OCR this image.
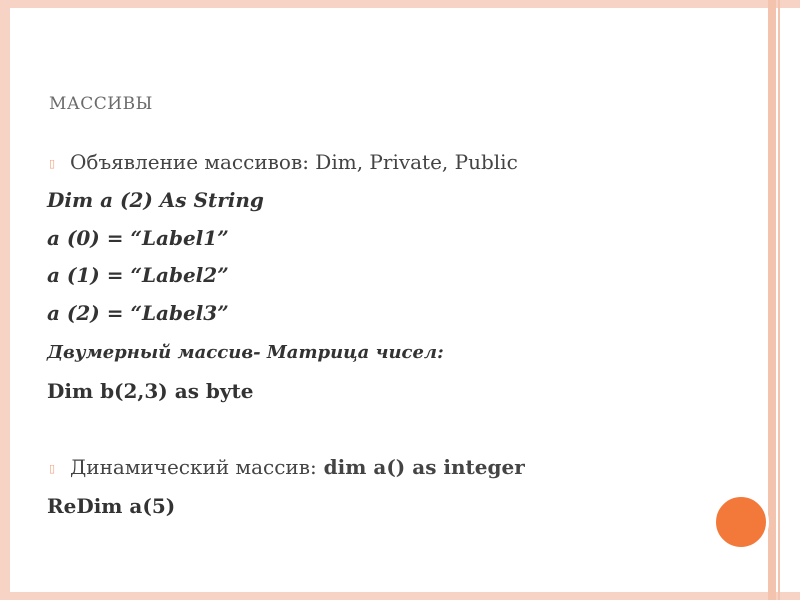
МАССИВЫ
▯ Объявление массивов: Dim, Private, Public
Dim a (2) As String
a (0) = “Label1”
a (1) = “Label2”
a (2) = “Label3”
Двумерный массив- Матрица чисел:
Dim b(2,3) as byte
▯ Динамический массив: dim a() as integer
ReDim a(5)
